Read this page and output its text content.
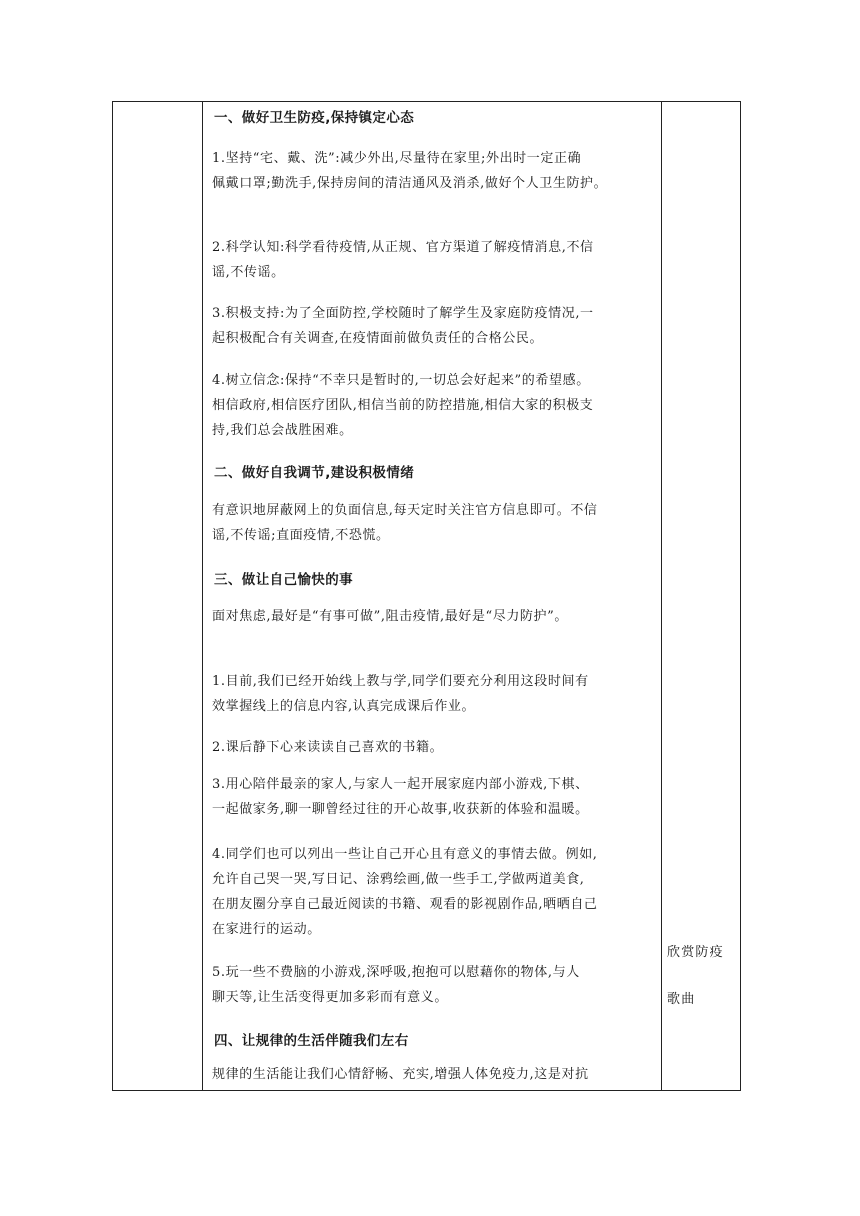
一、做好卫生防疫,保持镇定心态
1.坚持“宅、戴、洗”:减少外出,尽量待在家里;外出时一定正确
佩戴口罩;勤洗手,保持房间的清洁通风及消杀,做好个人卫生防护。
2.科学认知:科学看待疫情,从正规、官方渠道了解疫情消息,不信
谣,不传谣。
3.积极支持:为了全面防控,学校随时了解学生及家庭防疫情况,一
起积极配合有关调查,在疫情面前做负责任的合格公民。
4.树立信念:保持“不幸只是暂时的,一切总会好起来”的希望感。
相信政府,相信医疗团队,相信当前的防控措施,相信大家的积极支
持,我们总会战胜困难。
二、做好自我调节,建设积极情绪
有意识地屏蔽网上的负面信息,每天定时关注官方信息即可。不信
谣,不传谣;直面疫情,不恐慌。
三、做让自己愉快的事
面对焦虑,最好是“有事可做”,阻击疫情,最好是“尽力防护”。
1.目前,我们已经开始线上教与学,同学们要充分利用这段时间有
效掌握线上的信息内容,认真完成课后作业。
2.课后静下心来读读自己喜欢的书籍。
3.用心陪伴最亲的家人,与家人一起开展家庭内部小游戏,下棋、
一起做家务,聊一聊曾经过往的开心故事,收获新的体验和温暖。
4.同学们也可以列出一些让自己开心且有意义的事情去做。例如,
允许自己哭一哭,写日记、涂鸦绘画,做一些手工,学做两道美食,
在朋友圈分享自己最近阅读的书籍、观看的影视剧作品,晒晒自己
在家进行的运动。
5.玩一些不费脑的小游戏,深呼吸,抱抱可以慰藉你的物体,与人
聊天等,让生活变得更加多彩而有意义。
四、让规律的生活伴随我们左右
规律的生活能让我们心情舒畅、充实,增强人体免疫力,这是对抗
欣赏防疫
歌曲
